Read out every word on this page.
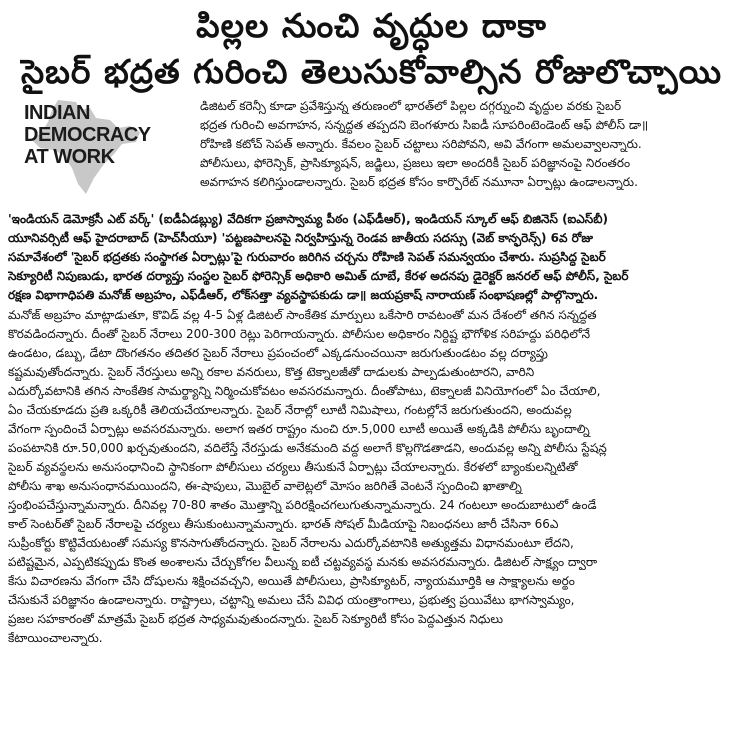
పిల్లల నుంచి వృద్ధుల దాకా
సైబర్ భద్రత గురించి తెలుసుకోవాల్సిన రోజులొచ్చాయి
INDIAN
DEMOCRACY
AT WORK
డిజిటల్ కరెన్సీ కూడా ప్రవేశిస్తున్న తరుణంలో భారత్‌లో పిల్లల దగ్గర్నుంచి వృద్ధుల వరకు సైబర్
భద్రత గురించి అవగాహన, సన్నద్ధత తప్పదని బెంగళూరు సిఐడీ సూపరింటెండెంట్ ఆఫ్ పోలీస్ డా॥
రోహిణి కటోచ్ సెపత్ అన్నారు. కేవలం సైబర్ చట్టాలు సరిపోవని, అవి వేగంగా అమలవ్వాలన్నారు.
పోలీసులు, ఫోరెన్సిక్, ప్రాసిక్యూషన్, జడ్జిలు, ప్రజలు ఇలా అందరికీ సైబర్ పరిజ్ఞానంపై నిరంతరం
అవగాహన కలిగిస్తుండాలన్నారు. సైబర్ భద్రత కోసం కార్పొరేట్ నమూనా ఏర్పాట్లు ఉండాలన్నారు.
'ఇండియన్ డెమోక్రసీ ఎట్ వర్క్' (ఐడీఏడబ్ల్యు) వేదికగా ప్రజాస్వామ్య పీఠం (ఎఫ్‌డీఆర్), ఇండియన్ స్కూల్ ఆఫ్ బిజినెస్ (ఐఎస్‌బీ)
యూనివర్సిటీ ఆఫ్ హైదరాబాద్ (హెచ్‌సీయూ) 'పట్టణపాలనపై నిర్వహిస్తున్న రెండవ జాతీయ సదస్సు (వెబ్ కాన్ఫరెన్స్) 6వ రోజు
సమావేశంలో 'సైబర్ భద్రతకు సంస్థాగత ఏర్పాట్లు'పై గురువారం జరిగిన చర్చను రోహిణి సెపత్ సమన్వయం చేశారు. సుప్రసిద్ధ సైబర్
సెక్యూరిటీ నిపుణుడు, భారత దర్యాప్తు సంస్థల సైబర్ ఫోరెన్సిక్ అధికారి అమిత్ దూబే, కేరళ అదనపు డైరెక్టర్ జనరల్ ఆఫ్ పోలీస్, సైబర్
రక్షణ విభాగాధిపతి మనోజ్ అబ్రహం, ఎఫ్‌డీఆర్, లోక్‌సత్తా వ్యవస్థాపకుడు డా॥ జయప్రకాష్ నారాయణ్ సంభాషణల్లో పాల్గొన్నారు.
మనోజ్ అబ్రహం మాట్లాడుతూ, కొవిడ్ వల్ల 4-5 ఏళ్ల డిజిటల్ సాంకేతిక మార్పులు ఒకేసారి రావటంతో మన దేశంలో తగిన సన్నద్ధత
కొరవడిందన్నారు. దీంతో సైబర్ నేరాలు 200-300 రెట్లు పెరిగాయన్నారు. పోలీసుల అధికారం నిర్దిష్ట భౌగోళిక సరిహద్దు పరిధిలోనే
ఉండటం, డబ్బు, డేటా దొంగతనం తదితర సైబర్ నేరాలు ప్రపంచంలో ఎక్కడనుంచయినా జరుగుతుండటం వల్ల దర్యాప్తు
కష్టమవుతోందన్నారు. సైబర్ నేరస్తులు అన్ని రకాల వనరులు, కొత్త టెక్నాలజీతో దాడులకు పాల్పడుతుంటారని, వారిని
ఎదుర్కోవటానికి తగిన సాంకేతిక సామర్థ్యాన్ని నిర్మించుకోవటం అవసరమన్నారు. దీంతోపాటు, టెక్నాలజీ వినియోగంలో ఏం చేయాలి,
ఏం చేయకూడదు ప్రతి ఒక్కరికీ తెలియచేయాలన్నారు. సైబర్ నేరాల్లో లూటీ నిమిషాలు, గంటల్లోనే జరుగుతుందని, అందువల్ల
వేగంగా స్పందించే ఏర్పాట్లు అవసరమన్నారు. అలాగ ఇతర రాష్ట్రం నుంచి రూ.5,000 లూటీ అయితే అక్కడికి పోలీసు బృందాల్ని
పంపటానికి రూ.50,000 ఖర్చవుతుందని, వదిలేస్తే నేరస్తుడు అనేకమంది వద్ద అలాగే కొల్లగొడతాడని, అందువల్ల అన్ని పోలీసు స్టేషన్ల
సైబర్ వ్యవస్థలను అనుసంధానించి స్థానికంగా పోలీసులు చర్యలు తీసుకునే ఏర్పాట్లు చేయాలన్నారు. కేరళలో బ్యాంకులన్నిటితో
పోలీసు శాఖ అనుసంధానమయిందని, ఈ-షాపులు, మొబైల్ వాలెట్లలో మోసం జరిగితే వెంటనే స్పందించి ఖాతాల్ని
స్తంభింపచేస్తున్నామన్నారు. దీనివల్ల 70-80 శాతం మొత్తాన్ని పరిరక్షించగలుగుతున్నామన్నారు. 24 గంటలూ అందుబాటులో ఉండే
కాల్ సెంటర్‌తో సైబర్ నేరాలపై చర్యలు తీసుకుంటున్నామన్నారు. భారత్ సోషల్ మీడియాపై నిబంధనలు జారీ చేసినా 66ఎ
సుప్రీంకోర్టు కొట్టివేయటంతో సమస్య కొనసాగుతోందన్నారు. సైబర్ నేరాలను ఎదుర్కోవటానికి అత్యుత్తమ విధానమంటూ లేదని,
పటిష్టమైన, ఎప్పటికప్పుడు కొంత అంశాలను చేర్చుకోగల వీలున్న ఐటీ చట్టవ్యవస్థ మనకు అవసరమన్నారు. డిజిటల్ సాక్ష్యం ద్వారా
కేసు విచారణను వేగంగా చేసి దోషులను శిక్షించవచ్చని, అయితే పోలీసులు, ప్రాసిక్యూటర్, న్యాయమూర్తికి ఆ సాక్ష్యాలను అర్థం
చేసుకునే పరిజ్ఞానం ఉండాలన్నారు. రాష్ట్రాలు, చట్టాన్ని అమలు చేసే వివిధ యంత్రాంగాలు, ప్రభుత్వ ప్రయివేటు భాగస్వామ్యం,
ప్రజల సహకారంతో మాత్రమే సైబర్ భద్రత సాధ్యమవుతుందన్నారు. సైబర్ సెక్యూరిటీ కోసం పెద్దఎత్తున నిధులు
కేటాయించాలన్నారు.
